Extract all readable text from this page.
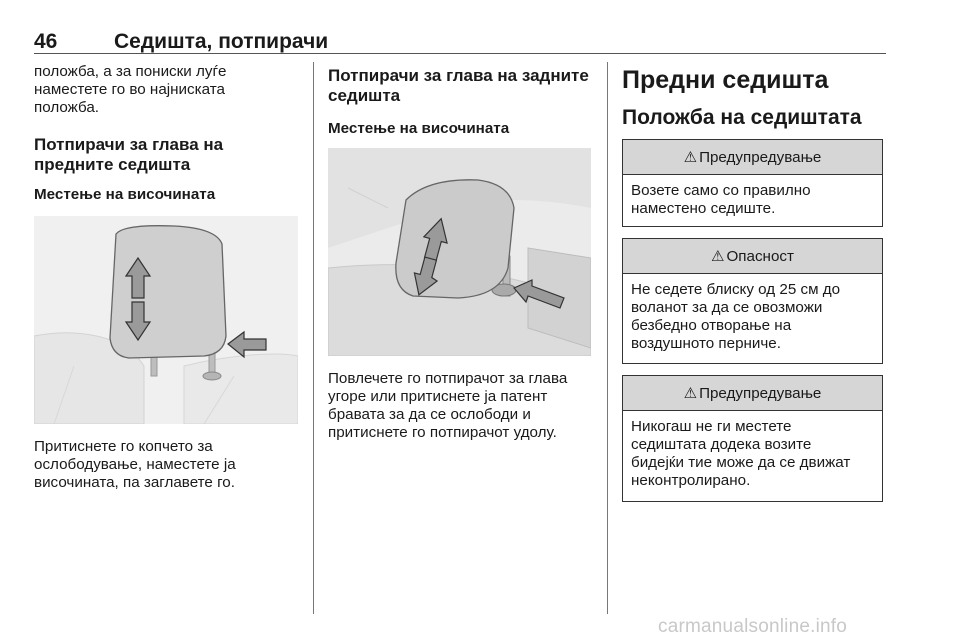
46	Седишта, потпирачи
положба, а за пониски луѓе
наместете го во најниската
положба.
Потпирачи за глава на
предните седишта
Местење на височината
Притиснете го копчето за
ослободување, наместете ја
височината, па заглавете го.
Потпирачи за глава на задните
седишта
Местење на височината
Повлечете го потпирачот за глава
угоре или притиснете ја патент
бравата за да се ослободи и
притиснете го потпирачот удолу.
Предни седишта
Положба на седиштата
⚠ Предупредување
Возете само со правилно
наместено седиште.
⚠ Опасност
Не седете блиску од 25 см до
воланот за да се овозможи
безбедно отворање на
воздушното перниче.
⚠ Предупредување
Никогаш не ги местете
седиштата додека возите
бидејќи тие може да се движат
неконтролирано.
carmanualsonline.info
